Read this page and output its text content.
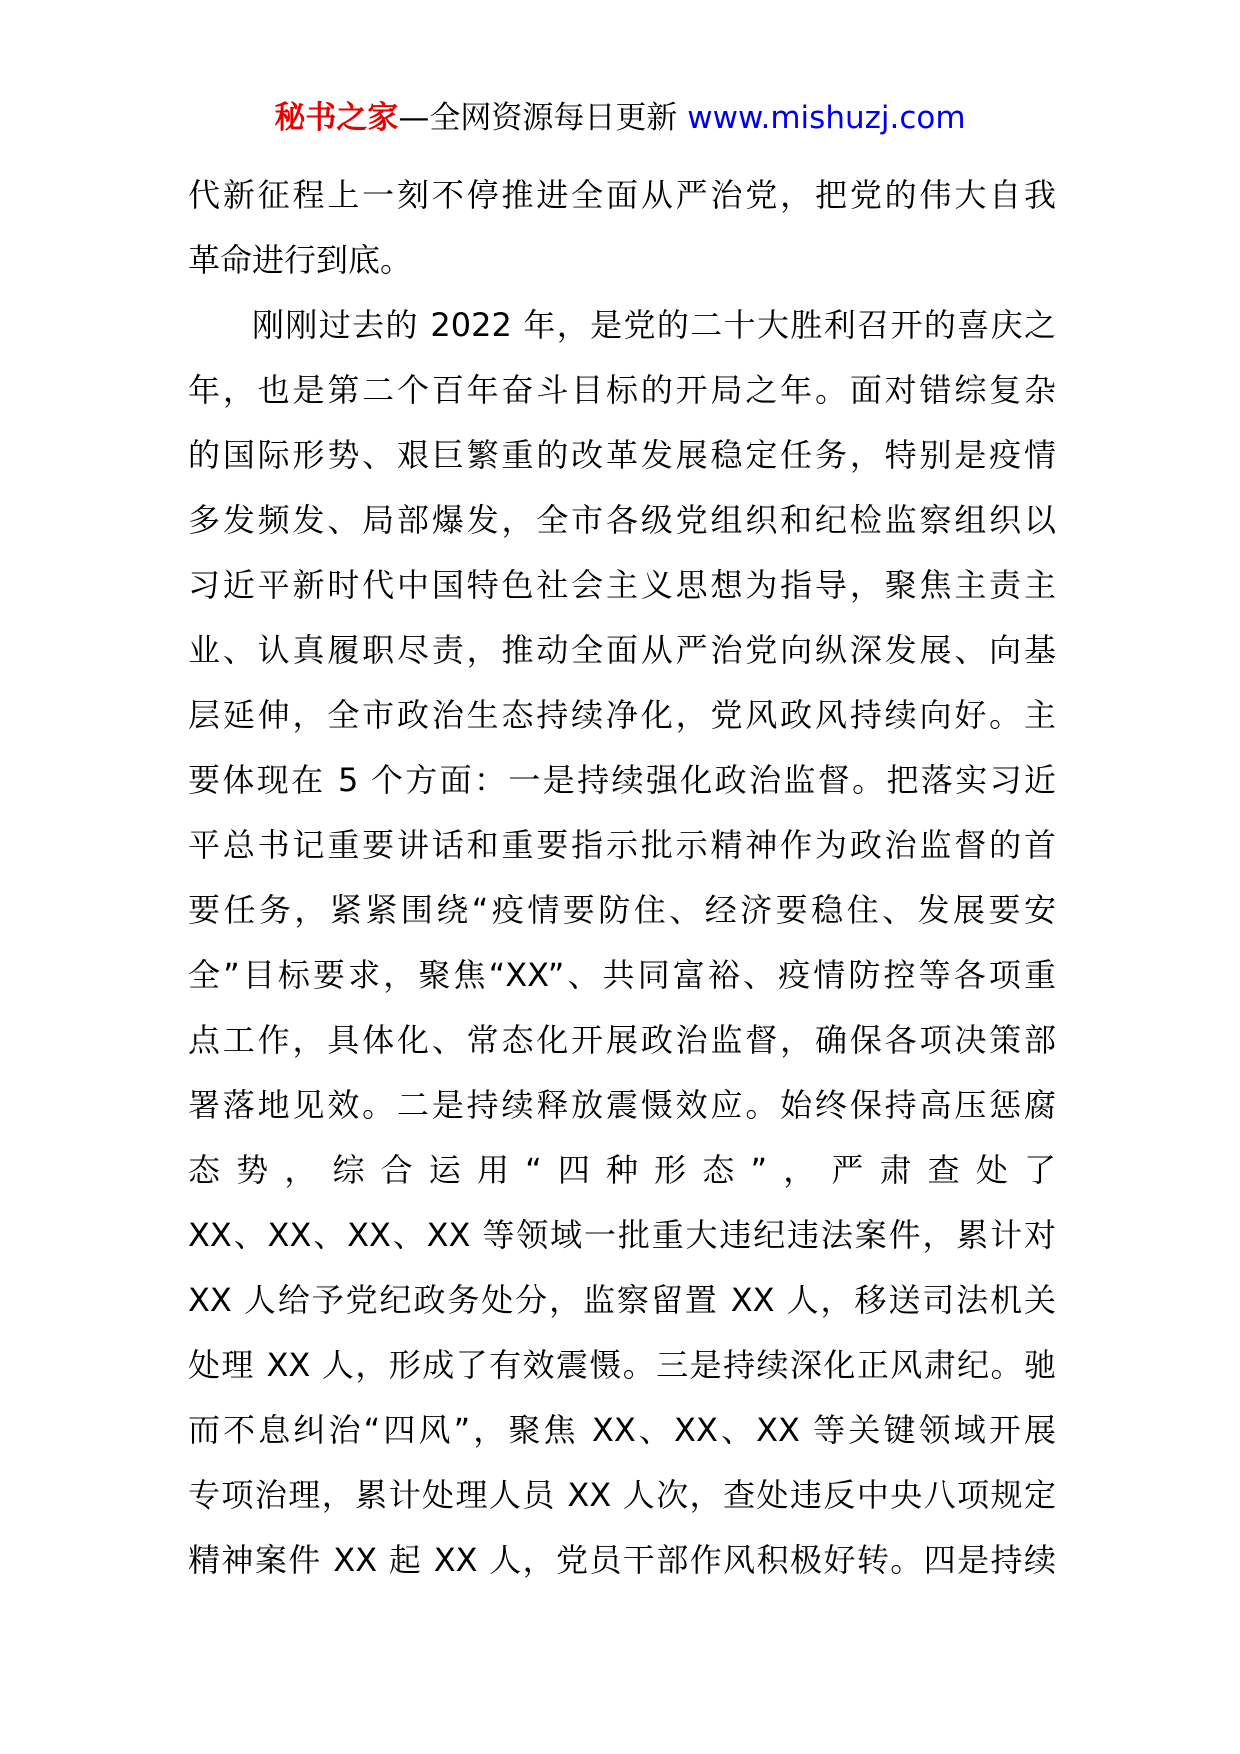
秘书之家—全网资源每日更新 www.mishuzj.com
代新征程上一刻不停推进全面从严治党，把党的伟大自我
革命进行到底。
刚刚过去的 2022 年，是党的二十大胜利召开的喜庆之
年，也是第二个百年奋斗目标的开局之年。面对错综复杂
的国际形势、艰巨繁重的改革发展稳定任务，特别是疫情
多发频发、局部爆发，全市各级党组织和纪检监察组织以
习近平新时代中国特色社会主义思想为指导，聚焦主责主
业、认真履职尽责，推动全面从严治党向纵深发展、向基
层延伸，全市政治生态持续净化，党风政风持续向好。主
要体现在 5 个方面：一是持续强化政治监督。把落实习近
平总书记重要讲话和重要指示批示精神作为政治监督的首
要任务，紧紧围绕“疫情要防住、经济要稳住、发展要安
全”目标要求，聚焦“XX”、共同富裕、疫情防控等各项重
点工作，具体化、常态化开展政治监督，确保各项决策部
署落地见效。二是持续释放震慑效应。始终保持高压惩腐
态势，综合运用“四种形态”，严肃查处了
XX、XX、XX、XX 等领域一批重大违纪违法案件，累计对
XX 人给予党纪政务处分，监察留置 XX 人，移送司法机关
处理 XX 人，形成了有效震慑。三是持续深化正风肃纪。驰
而不息纠治“四风”，聚焦 XX、XX、XX 等关键领域开展
专项治理，累计处理人员 XX 人次，查处违反中央八项规定
精神案件 XX 起 XX 人，党员干部作风积极好转。四是持续
